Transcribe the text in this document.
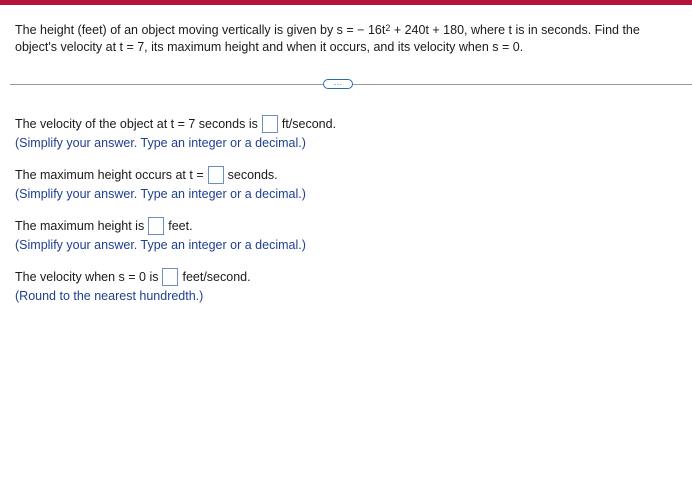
The height (feet) of an object moving vertically is given by s = − $16t^2 + 240t + 180$, where t is in seconds. Find the object's velocity at t = 7, its maximum height and when it occurs, and its velocity when s = 0.
···
The velocity of the object at t = 7 seconds is ft/second.
(Simplify your answer. Type an integer or a decimal.)
The maximum height occurs at t = seconds.
(Simplify your answer. Type an integer or a decimal.)
The maximum height is feet.
(Simplify your answer. Type an integer or a decimal.)
The velocity when s = 0 is feet/second.
(Round to the nearest hundredth.)
